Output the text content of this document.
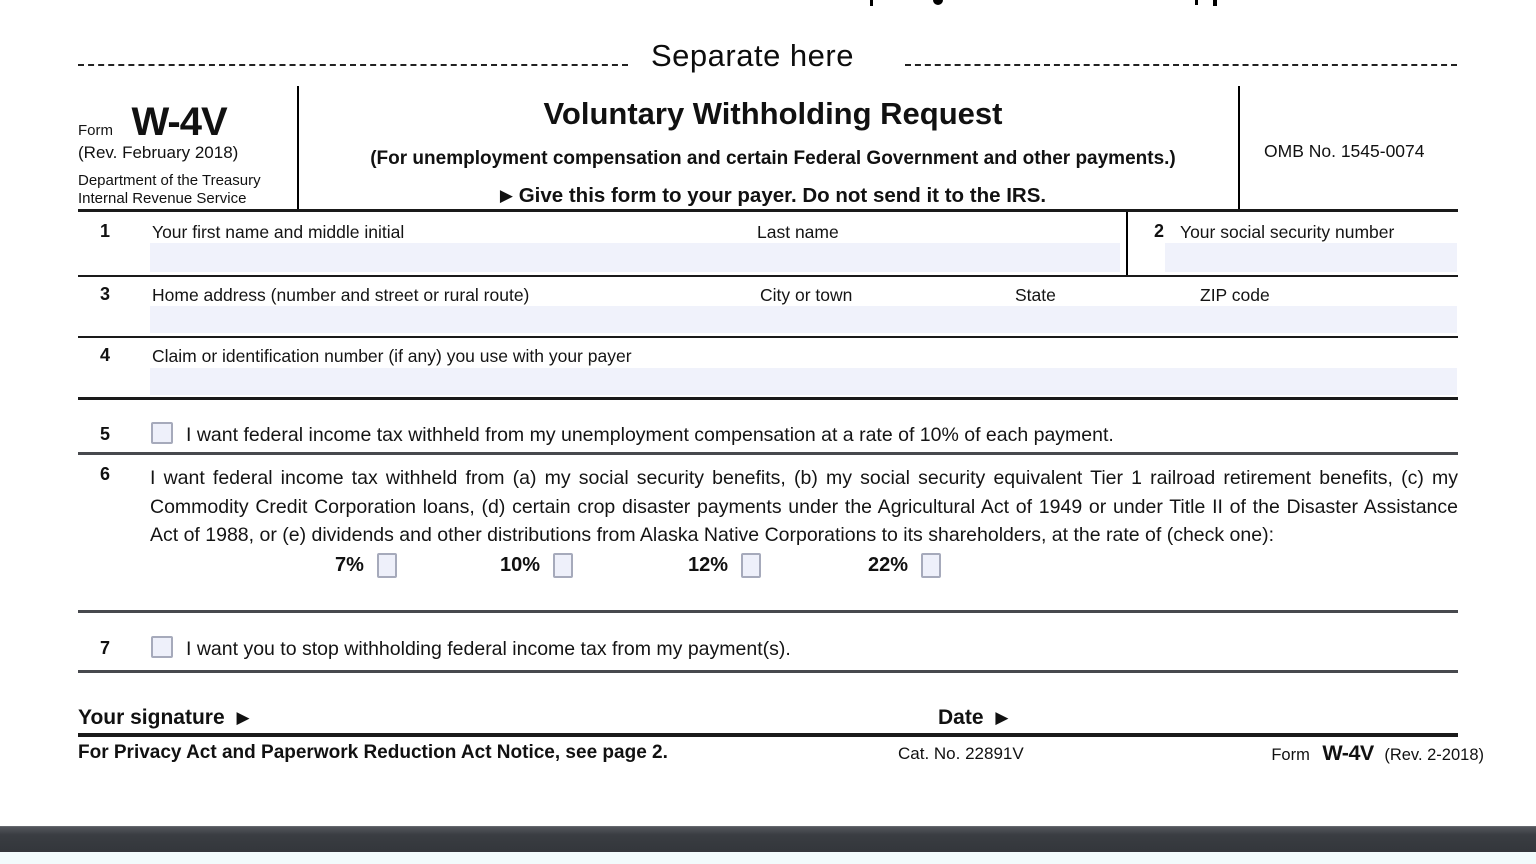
Separate here
Form W-4V
(Rev. February 2018)
Department of the Treasury
Internal Revenue Service
Voluntary Withholding Request
(For unemployment compensation and certain Federal Government and other payments.)
▶ Give this form to your payer. Do not send it to the IRS.
OMB No. 1545-0074
1 Your first name and middle initial	Last name	2 Your social security number
3 Home address (number and street or rural route)	City or town	State	ZIP code
4 Claim or identification number (if any) you use with your payer
5	I want federal income tax withheld from my unemployment compensation at a rate of 10% of each payment.
6 I want federal income tax withheld from (a) my social security benefits, (b) my social security equivalent Tier 1 railroad retirement benefits, (c) my Commodity Credit Corporation loans, (d) certain crop disaster payments under the Agricultural Act of 1949 or under Title II of the Disaster Assistance Act of 1988, or (e) dividends and other distributions from Alaska Native Corporations to its shareholders, at the rate of (check one):
7%	10%	12%	22%
7	I want you to stop withholding federal income tax from my payment(s).
Your signature ▶	Date ▶
For Privacy Act and Paperwork Reduction Act Notice, see page 2.	Cat. No. 22891V	Form W-4V (Rev. 2-2018)
